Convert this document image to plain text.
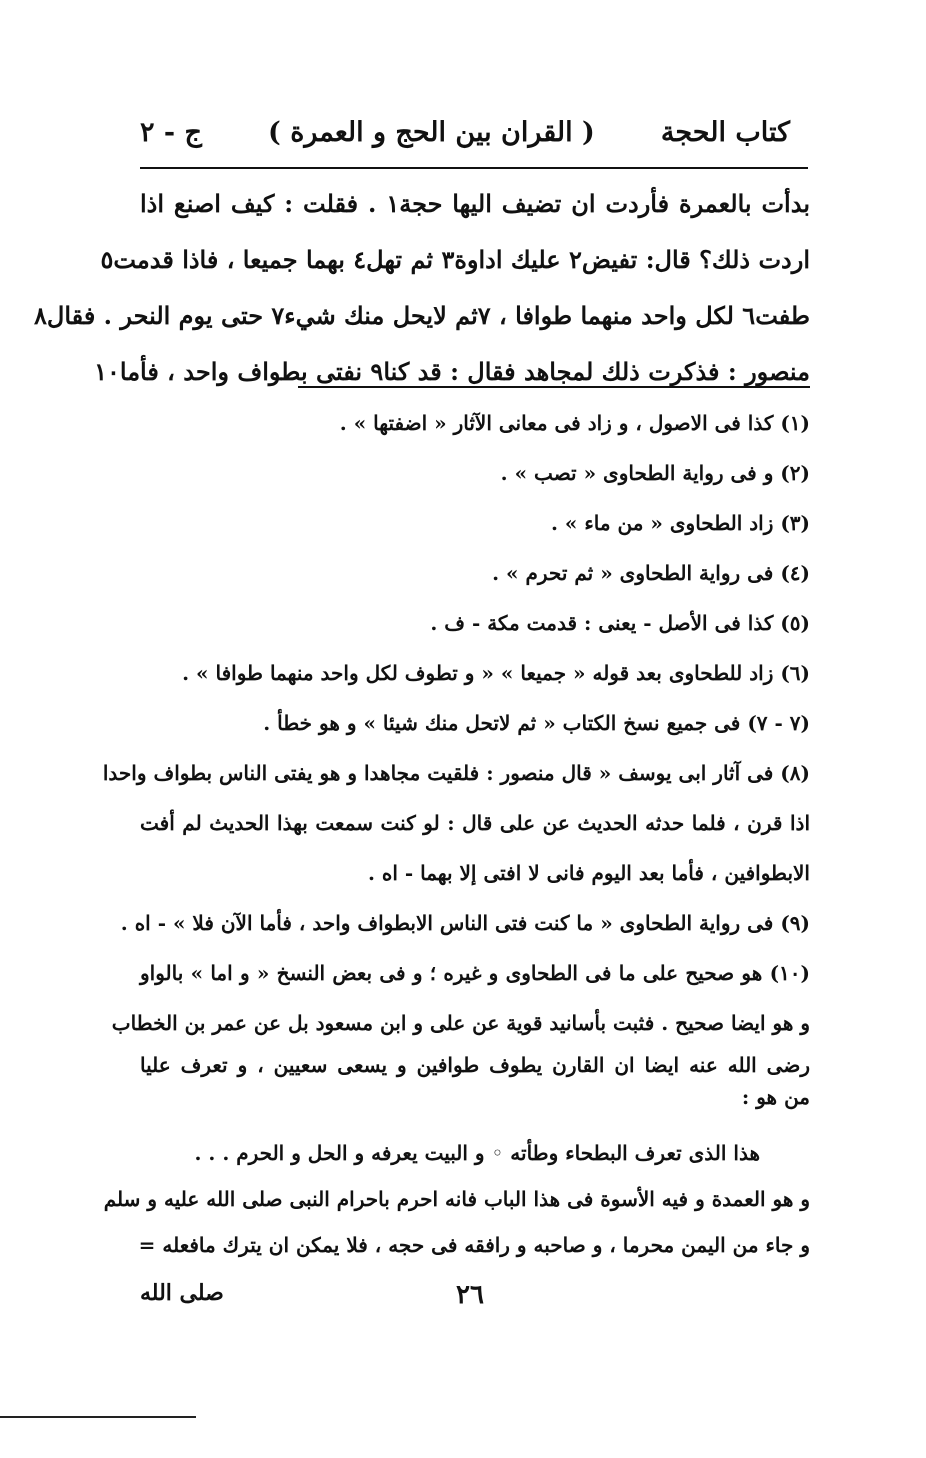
كتاب الحجة
( القران بين الحج و العمرة )
ج - ٢
بدأت بالعمرة فأردت ان تضيف اليها حجة١ . فقلت : كيف اصنع اذا
اردت ذلك؟ قال: تفيض٢ عليك اداوة٣ ثم تهل٤ بهما جميعا ، فاذا قدمت٥
طفت٦ لكل واحد منهما طوافا ، ٧ثم لايحل منك شيء٧ حتى يوم النحر . فقال٨
منصور : فذكرت ذلك لمجاهد فقال : قد كنا٩ نفتى بطواف واحد ، فأما١٠
(١) كذا فى الاصول ، و زاد فى معانى الآثار « اضفتها » .
(٢) و فى رواية الطحاوى « تصب » .
(٣) زاد الطحاوى « من ماء » .
(٤) فى رواية الطحاوى « ثم تحرم » .
(٥) كذا فى الأصل - يعنى : قدمت مكة - ف .
(٦) زاد للطحاوى بعد قوله « جميعا » « و تطوف لكل واحد منهما طوافا » .
(٧ - ٧) فى جميع نسخ الكتاب « ثم لاتحل منك شيئا » و هو خطأ .
(٨) فى آثار ابى يوسف « قال منصور : فلقيت مجاهدا و هو يفتى الناس بطواف واحدا
اذا قرن ، فلما حدثه الحديث عن على قال : لو كنت سمعت بهذا الحديث لم أفت
الابطوافين ، فأما بعد اليوم فانى لا افتى إلا بهما - اه .
(٩) فى رواية الطحاوى « ما كنت فتى الناس الابطواف واحد ، فأما الآن فلا » - اه .
(١٠) هو صحيح على ما فى الطحاوى و غيره ؛ و فى بعض النسخ « و اما » بالواو
و هو ايضا صحيح . فثبت بأسانيد قوية عن على و ابن مسعود بل عن عمر بن الخطاب
رضى الله عنه ايضا ان القارن يطوف طوافين و يسعى سعيين ، و تعرف عليا
من هو :
هذا الذى تعرف البطحاء وطأته ◦ و البيت يعرفه و الحل و الحرم . . .
و هو العمدة و فيه الأسوة فى هذا الباب فانه احرم باحرام النبى صلى الله عليه و سلم
و جاء من اليمن محرما ، و صاحبه و رافقه فى حجه ، فلا يمكن ان يترك مافعله =
٢٦
صلى الله
